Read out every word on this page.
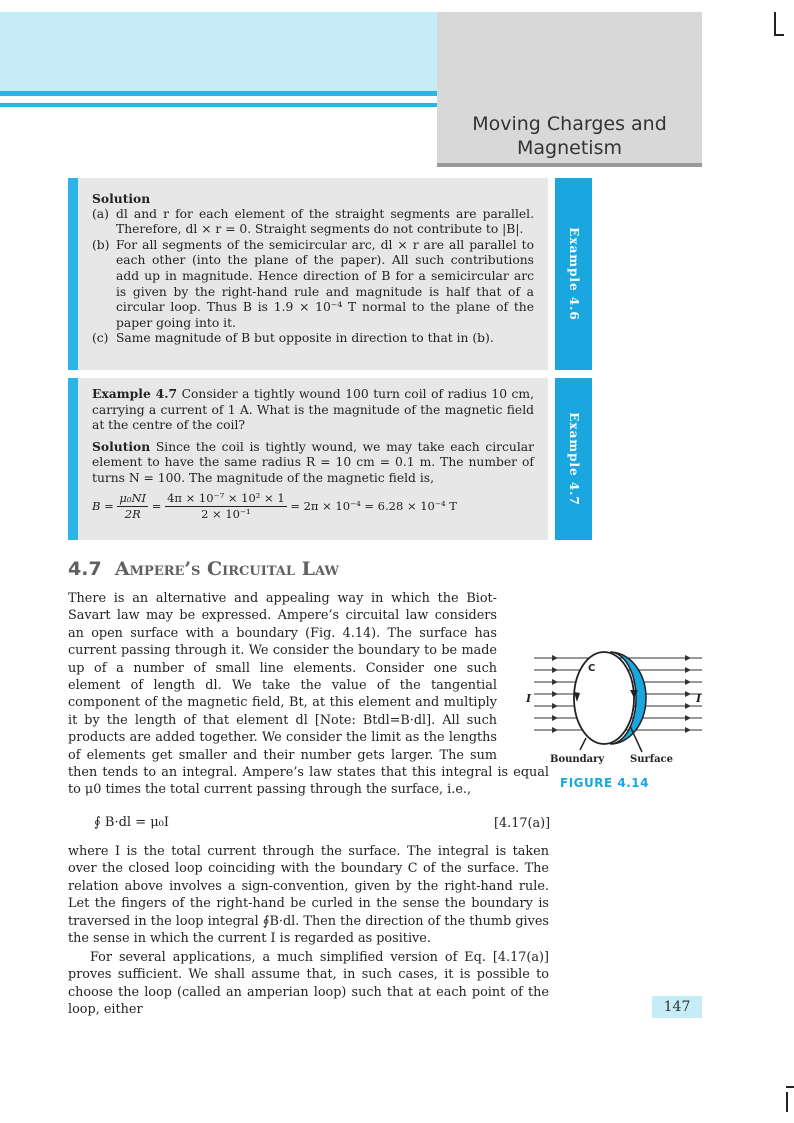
Moving Charges and
Magnetism
Example 4.6
Solution
(a) dl and r for each element of the straight segments are parallel. Therefore, dl × r = 0. Straight segments do not contribute to |B|.
(b) For all segments of the semicircular arc, dl × r are all parallel to each other (into the plane of the paper). All such contributions add up in magnitude. Hence direction of B for a semicircular arc is given by the right-hand rule and magnitude is half that of a circular loop. Thus B is 1.9 × 10⁻⁴ T normal to the plane of the paper going into it.
(c) Same magnitude of B but opposite in direction to that in (b).
Example 4.7
Example 4.7 Consider a tightly wound 100 turn coil of radius 10 cm, carrying a current of 1 A. What is the magnitude of the magnetic field at the centre of the coil?
Solution Since the coil is tightly wound, we may take each circular element to have the same radius R = 10 cm = 0.1 m. The number of turns N = 100. The magnitude of the magnetic field is,
$B = \frac{\text{μ₀NI}}{2R} = \frac{\text{4π × 10⁻⁷ × 10² × 1}}{\text{2 × 10⁻¹}} = 2\pi \times 10^{-4} = 6.28 \times 10^{-4}$ T
4.7 Ampere’s Circuital Law
There is an alternative and appealing way in which the Biot-Savart law may be expressed. Ampere’s circuital law considers an open surface with a boundary (Fig. 4.14). The surface has current passing through it. We consider the boundary to be made up of a number of small line elements. Consider one such element of length dl. We take the value of the tangential component of the magnetic field, Bt, at this element and multiply it by the length of that element dl [Note: Btdl=B·dl]. All such products are added together. We consider the limit as the lengths of elements get smaller and their number gets larger. The sum then tends to an integral. Ampere’s law states that this integral is equal to μ0 times the total current passing through the surface, i.e.,
C
I	I
Boundary	Surface
FIGURE 4.14
∮ B·dl = μ₀I	[4.17(a)]
where I is the total current through the surface. The integral is taken over the closed loop coinciding with the boundary C of the surface. The relation above involves a sign-convention, given by the right-hand rule. Let the fingers of the right-hand be curled in the sense the boundary is traversed in the loop integral ∮B·dl. Then the direction of the thumb gives the sense in which the current I is regarded as positive.
For several applications, a much simplified version of Eq. [4.17(a)] proves sufficient. We shall assume that, in such cases, it is possible to choose the loop (called an amperian loop) such that at each point of the loop, either	147
